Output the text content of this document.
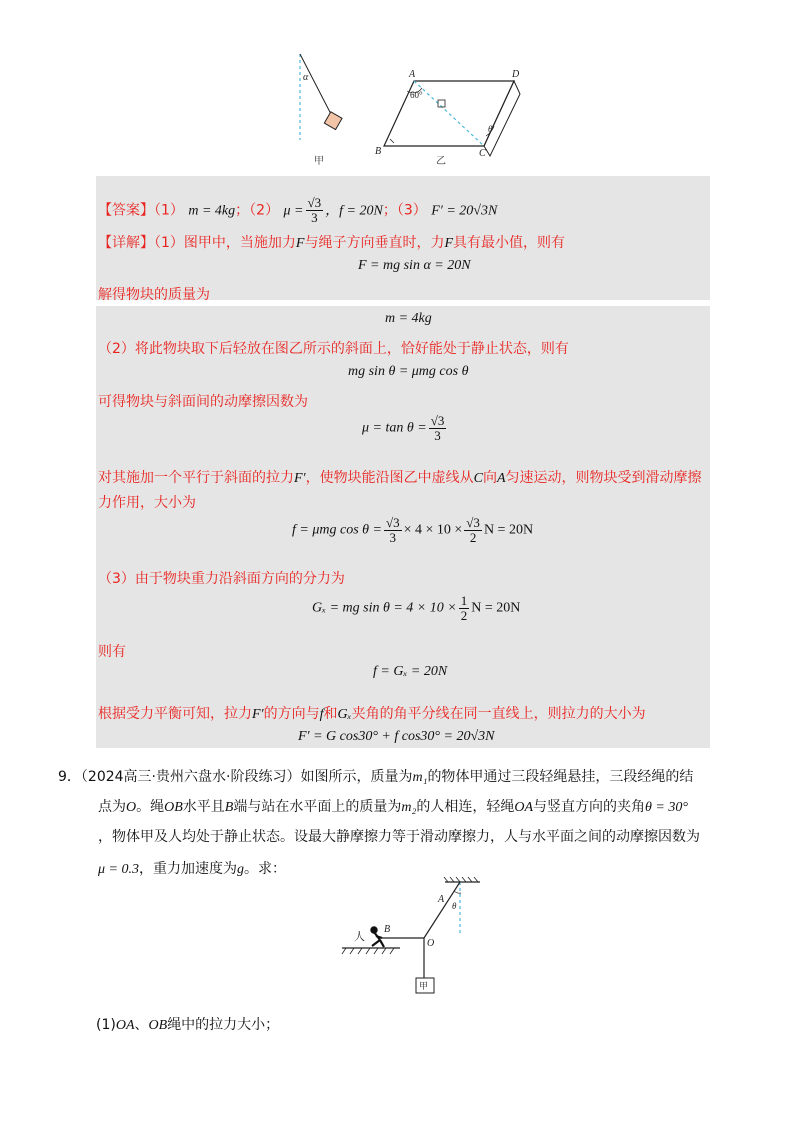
α
甲
A	D
B	C
60°
θ
乙
【答案】（1） m = 4kg；（2） $\mu = \frac{√3}{3}$ ，f = 20N；（3） F′ = 20√3N
【详解】（1）图甲中，当施加力F与绳子方向垂直时，力F具有最小值，则有
F = mg sin α = 20N
解得物块的质量为
m = 4kg
（2）将此物块取下后轻放在图乙所示的斜面上，恰好能处于静止状态，则有
mg sin θ = μmg cos θ
可得物块与斜面间的动摩擦因数为
$\mu = \tan \theta = \frac{√3}{3}$
对其施加一个平行于斜面的拉力F′，使物块能沿图乙中虚线从C向A匀速运动，则物块受到滑动摩擦
力作用，大小为
f = μmg $\cos \theta = \frac{√3}{3} \times 4 \times 10 \times \frac{√3}{2}$ N = 20N
（3）由于物块重力沿斜面方向的分力为
Gₓ = mg $\sin \theta = 4 \times 10 \times \frac{1}{2}$ N = 20N
则有
f = Gₓ = 20N
根据受力平衡可知，拉力F′的方向与f和Gₓ夹角的角平分线在同一直线上，则拉力的大小为
F′ = G cos30° + f cos30° = 20√3N
9．（2024高三·贵州六盘水·阶段练习）如图所示，质量为m₁的物体甲通过三段轻绳悬挂，三段经绳的结
点为O。绳OB水平且B端与站在水平面上的质量为m₂的人相连，轻绳OA与竖直方向的夹角θ = 30°
，物体甲及人均处于静止状态。设最大静摩擦力等于滑动摩擦力，人与水平面之间的动摩擦因数为
μ = 0.3，重力加速度为g。求：
人
B
O
A
θ
甲
(1)OA、OB绳中的拉力大小；
